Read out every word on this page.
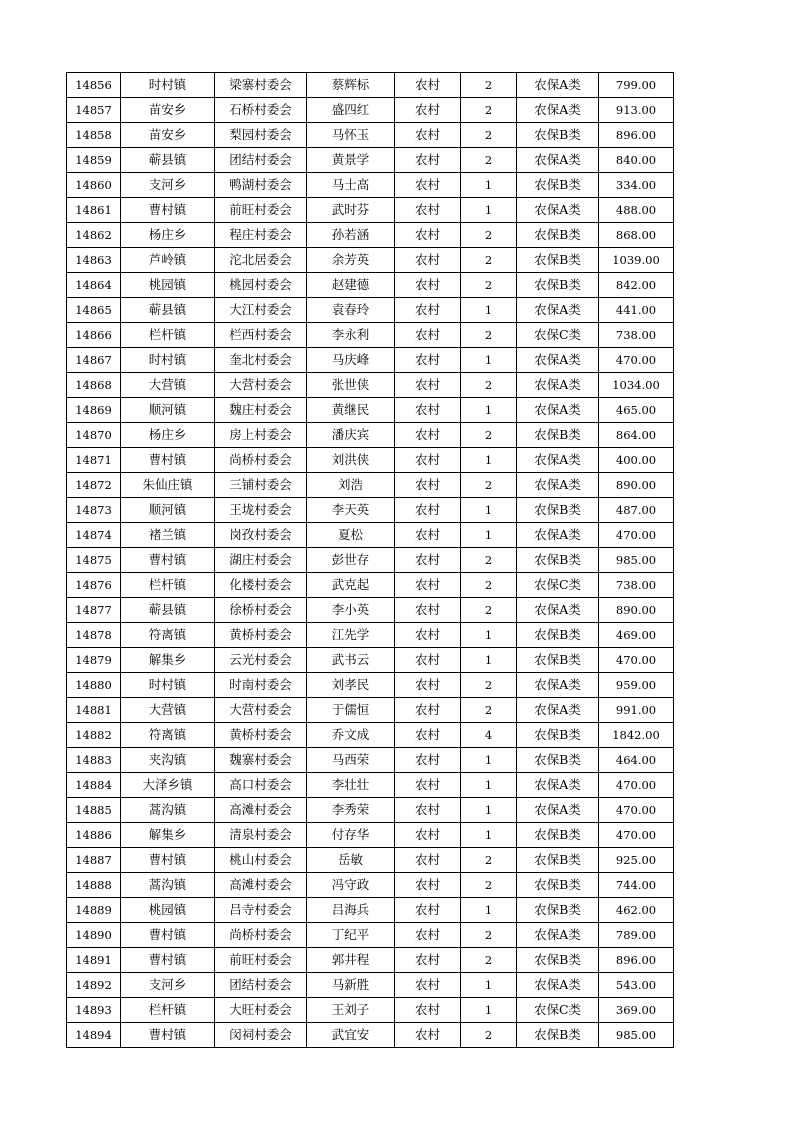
14856	时村镇	梁寨村委会	蔡辉标	农村	2	农保A类	799.00
14857	苗安乡	石桥村委会	盛四红	农村	2	农保A类	913.00
14858	苗安乡	梨园村委会	马怀玉	农村	2	农保B类	896.00
14859	蕲县镇	团结村委会	黄景学	农村	2	农保A类	840.00
14860	支河乡	鸭湖村委会	马士高	农村	1	农保B类	334.00
14861	曹村镇	前旺村委会	武时芬	农村	1	农保A类	488.00
14862	杨庄乡	程庄村委会	孙若涵	农村	2	农保B类	868.00
14863	芦岭镇	沱北居委会	余芳英	农村	2	农保B类	1039.00
14864	桃园镇	桃园村委会	赵建德	农村	2	农保B类	842.00
14865	蕲县镇	大江村委会	袁春玲	农村	1	农保A类	441.00
14866	栏杆镇	栏西村委会	李永利	农村	2	农保C类	738.00
14867	时村镇	奎北村委会	马庆峰	农村	1	农保A类	470.00
14868	大营镇	大营村委会	张世侠	农村	2	农保A类	1034.00
14869	顺河镇	魏庄村委会	黄继民	农村	1	农保A类	465.00
14870	杨庄乡	房上村委会	潘庆宾	农村	2	农保B类	864.00
14871	曹村镇	尚桥村委会	刘洪侠	农村	1	农保A类	400.00
14872	朱仙庄镇	三铺村委会	刘浩	农村	2	农保A类	890.00
14873	顺河镇	王垅村委会	李天英	农村	1	农保B类	487.00
14874	褚兰镇	岗孜村委会	夏松	农村	1	农保A类	470.00
14875	曹村镇	湖庄村委会	彭世存	农村	2	农保B类	985.00
14876	栏杆镇	化楼村委会	武克起	农村	2	农保C类	738.00
14877	蕲县镇	徐桥村委会	李小英	农村	2	农保A类	890.00
14878	符离镇	黄桥村委会	江先学	农村	1	农保B类	469.00
14879	解集乡	云光村委会	武书云	农村	1	农保B类	470.00
14880	时村镇	时南村委会	刘孝民	农村	2	农保A类	959.00
14881	大营镇	大营村委会	于儒恒	农村	2	农保A类	991.00
14882	符离镇	黄桥村委会	乔文成	农村	4	农保B类	1842.00
14883	夹沟镇	魏寨村委会	马西荣	农村	1	农保B类	464.00
14884	大泽乡镇	高口村委会	李壮壮	农村	1	农保A类	470.00
14885	蒿沟镇	高滩村委会	李秀荣	农村	1	农保A类	470.00
14886	解集乡	清泉村委会	付存华	农村	1	农保B类	470.00
14887	曹村镇	桃山村委会	岳敏	农村	2	农保B类	925.00
14888	蒿沟镇	高滩村委会	冯守政	农村	2	农保B类	744.00
14889	桃园镇	吕寺村委会	吕海兵	农村	1	农保B类	462.00
14890	曹村镇	尚桥村委会	丁纪平	农村	2	农保A类	789.00
14891	曹村镇	前旺村委会	郭井程	农村	2	农保B类	896.00
14892	支河乡	团结村委会	马新胜	农村	1	农保A类	543.00
14893	栏杆镇	大旺村委会	王刘子	农村	1	农保C类	369.00
14894	曹村镇	闵祠村委会	武宜安	农村	2	农保B类	985.00
